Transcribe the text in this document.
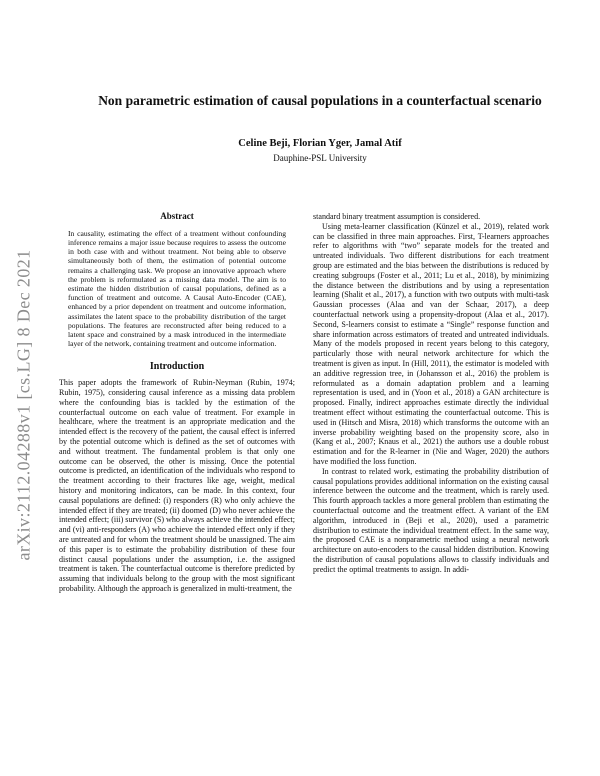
arXiv:2112.04288v1 [cs.LG] 8 Dec 2021
Non parametric estimation of causal populations in a counterfactual scenario
Celine Beji, Florian Yger, Jamal Atif
Dauphine-PSL University
Abstract

In causality, estimating the effect of a treatment without confounding inference remains a major issue because requires to assess the outcome in both case with and without treatment. Not being able to observe simultaneously both of them, the estimation of potential outcome remains a challenging task. We propose an innovative approach where the problem is reformulated as a missing data model. The aim is to estimate the hidden distribution of causal populations, defined as a function of treatment and outcome. A Causal Auto-Encoder (CAE), enhanced by a prior dependent on treatment and outcome information, assimilates the latent space to the probability distribution of the target populations. The features are reconstructed after being reduced to a latent space and constrained by a mask introduced in the intermediate layer of the network, containing treatment and outcome information.

Introduction

This paper adopts the framework of Rubin-Neyman (Rubin, 1974; Rubin, 1975), considering causal inference as a missing data problem where the confounding bias is tackled by the estimation of the counterfactual outcome on each value of treatment. For example in healthcare, where the treatment is an appropriate medication and the intended effect is the recovery of the patient, the causal effect is inferred by the potential outcome which is defined as the set of outcomes with and without treatment. The fundamental problem is that only one outcome can be observed, the other is missing. Once the potential outcome is predicted, an identification of the individuals who respond to the treatment according to their fractures like age, weight, medical history and monitoring indicators, can be made. In this context, four causal populations are defined: (i) responders (R) who only achieve the intended effect if they are treated; (ii) doomed (D) who never achieve the intended effect; (iii) survivor (S) who always achieve the intended effect; and (vi) anti-responders (A) who achieve the intended effect only if they are untreated and for whom the treatment should be unassigned. The aim of this paper is to estimate the probability distribution of these four distinct causal populations under the assumption, i.e. the assigned treatment is taken. The counterfactual outcome is therefore predicted by assuming that individuals belong to the group with the most significant probability. Although the approach is generalized in multi-treatment, the

standard binary treatment assumption is considered.

Using meta-learner classification (Künzel et al., 2019), related work can be classified in three main approaches. First, T-learners approaches refer to algorithms with “two” separate models for the treated and untreated individuals. Two different distributions for each treatment group are estimated and the bias between the distributions is reduced by creating subgroups (Foster et al., 2011; Lu et al., 2018), by minimizing the distance between the distributions and by using a representation learning (Shalit et al., 2017), a function with two outputs with multi-task Gaussian processes (Alaa and van der Schaar, 2017), a deep counterfactual network using a propensity-dropout (Alaa et al., 2017). Second, S-learners consist to estimate a “Single” response function and share information across estimators of treated and untreated individuals. Many of the models proposed in recent years belong to this category, particularly those with neural network architecture for which the treatment is given as input. In (Hill, 2011), the estimator is modeled with an additive regression tree, in (Johansson et al., 2016) the problem is reformulated as a domain adaptation problem and a learning representation is used, and in (Yoon et al., 2018) a GAN architecture is proposed. Finally, indirect approaches estimate directly the individual treatment effect without estimating the counterfactual outcome. This is used in (Hitsch and Misra, 2018) which transforms the outcome with an inverse probability weighting based on the propensity score, also in (Kang et al., 2007; Knaus et al., 2021) the authors use a double robust estimation and for the R-learner in (Nie and Wager, 2020) the authors have modified the loss function.

In contrast to related work, estimating the probability distribution of causal populations provides additional information on the existing causal inference between the outcome and the treatment, which is rarely used. This fourth approach tackles a more general problem than estimating the counterfactual outcome and the treatment effect. A variant of the EM algorithm, introduced in (Beji et al., 2020), used a parametric distribution to estimate the individual treatment effect. In the same way, the proposed CAE is a nonparametric method using a neural network architecture on auto-encoders to the causal hidden distribution. Knowing the distribution of causal populations allows to classify individuals and predict the optimal treatments to assign. In addi-
